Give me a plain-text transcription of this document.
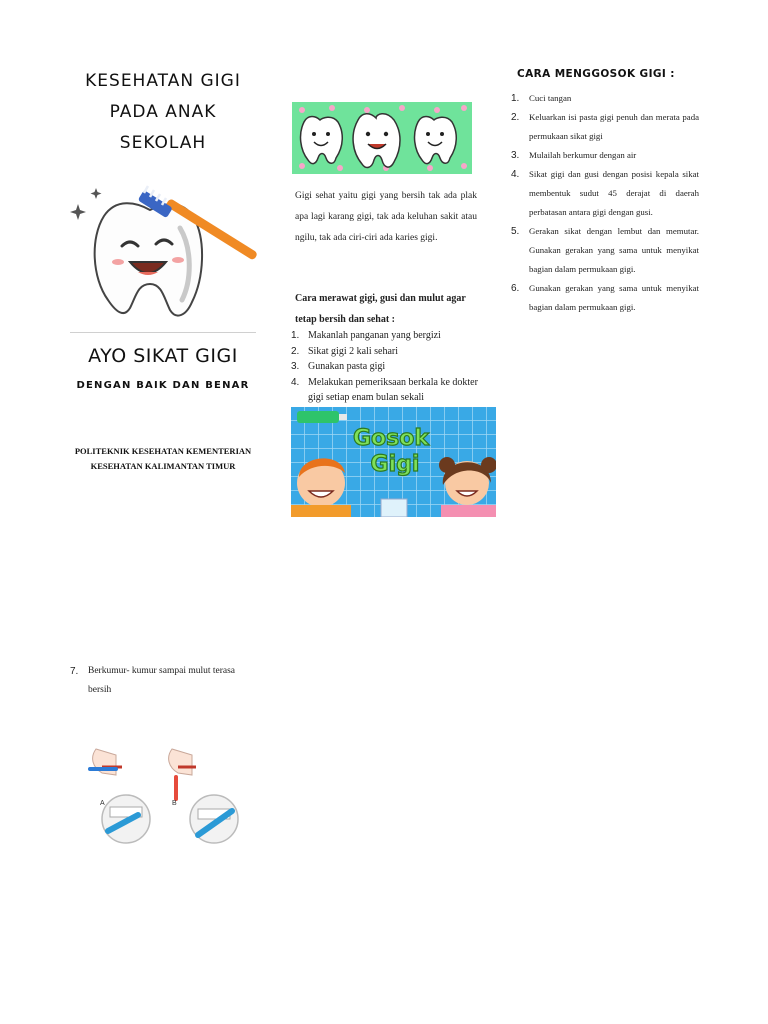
KESEHATAN GIGI
PADA ANAK
SEKOLAH
AYO SIKAT GIGI
DENGAN BAIK DAN BENAR
POLITEKNIK KESEHATAN KEMENTERIAN
KESEHATAN KALIMANTAN TIMUR
7. Berkumur- kumur sampai mulut terasa bersih
A	B
Gigi sehat yaitu gigi yang bersih tak ada plak apa lagi karang gigi, tak ada keluhan sakit atau ngilu, tak ada ciri-ciri ada karies gigi.
Cara merawat gigi, gusi dan mulut agar tetap bersih dan sehat :
1. Makanlah panganan yang bergizi
2. Sikat gigi 2 kali sehari
3. Gunakan pasta gigi
4. Melakukan pemeriksaan berkala ke dokter gigi setiap enam bulan sekali
Gosok
Gigi
CARA MENGGOSOK GIGI :
1. Cuci tangan
2. Keluarkan isi pasta gigi penuh dan merata pada permukaan sikat gigi
3. Mulailah berkumur dengan air
4. Sikat gigi dan gusi dengan posisi kepala sikat membentuk sudut 45 derajat di daerah perbatasan antara gigi dengan gusi.
5. Gerakan sikat dengan lembut dan memutar. Gunakan gerakan yang sama untuk menyikat bagian dalam permukaan gigi.
6. Gunakan gerakan yang sama untuk menyikat bagian dalam permukaan gigi.
